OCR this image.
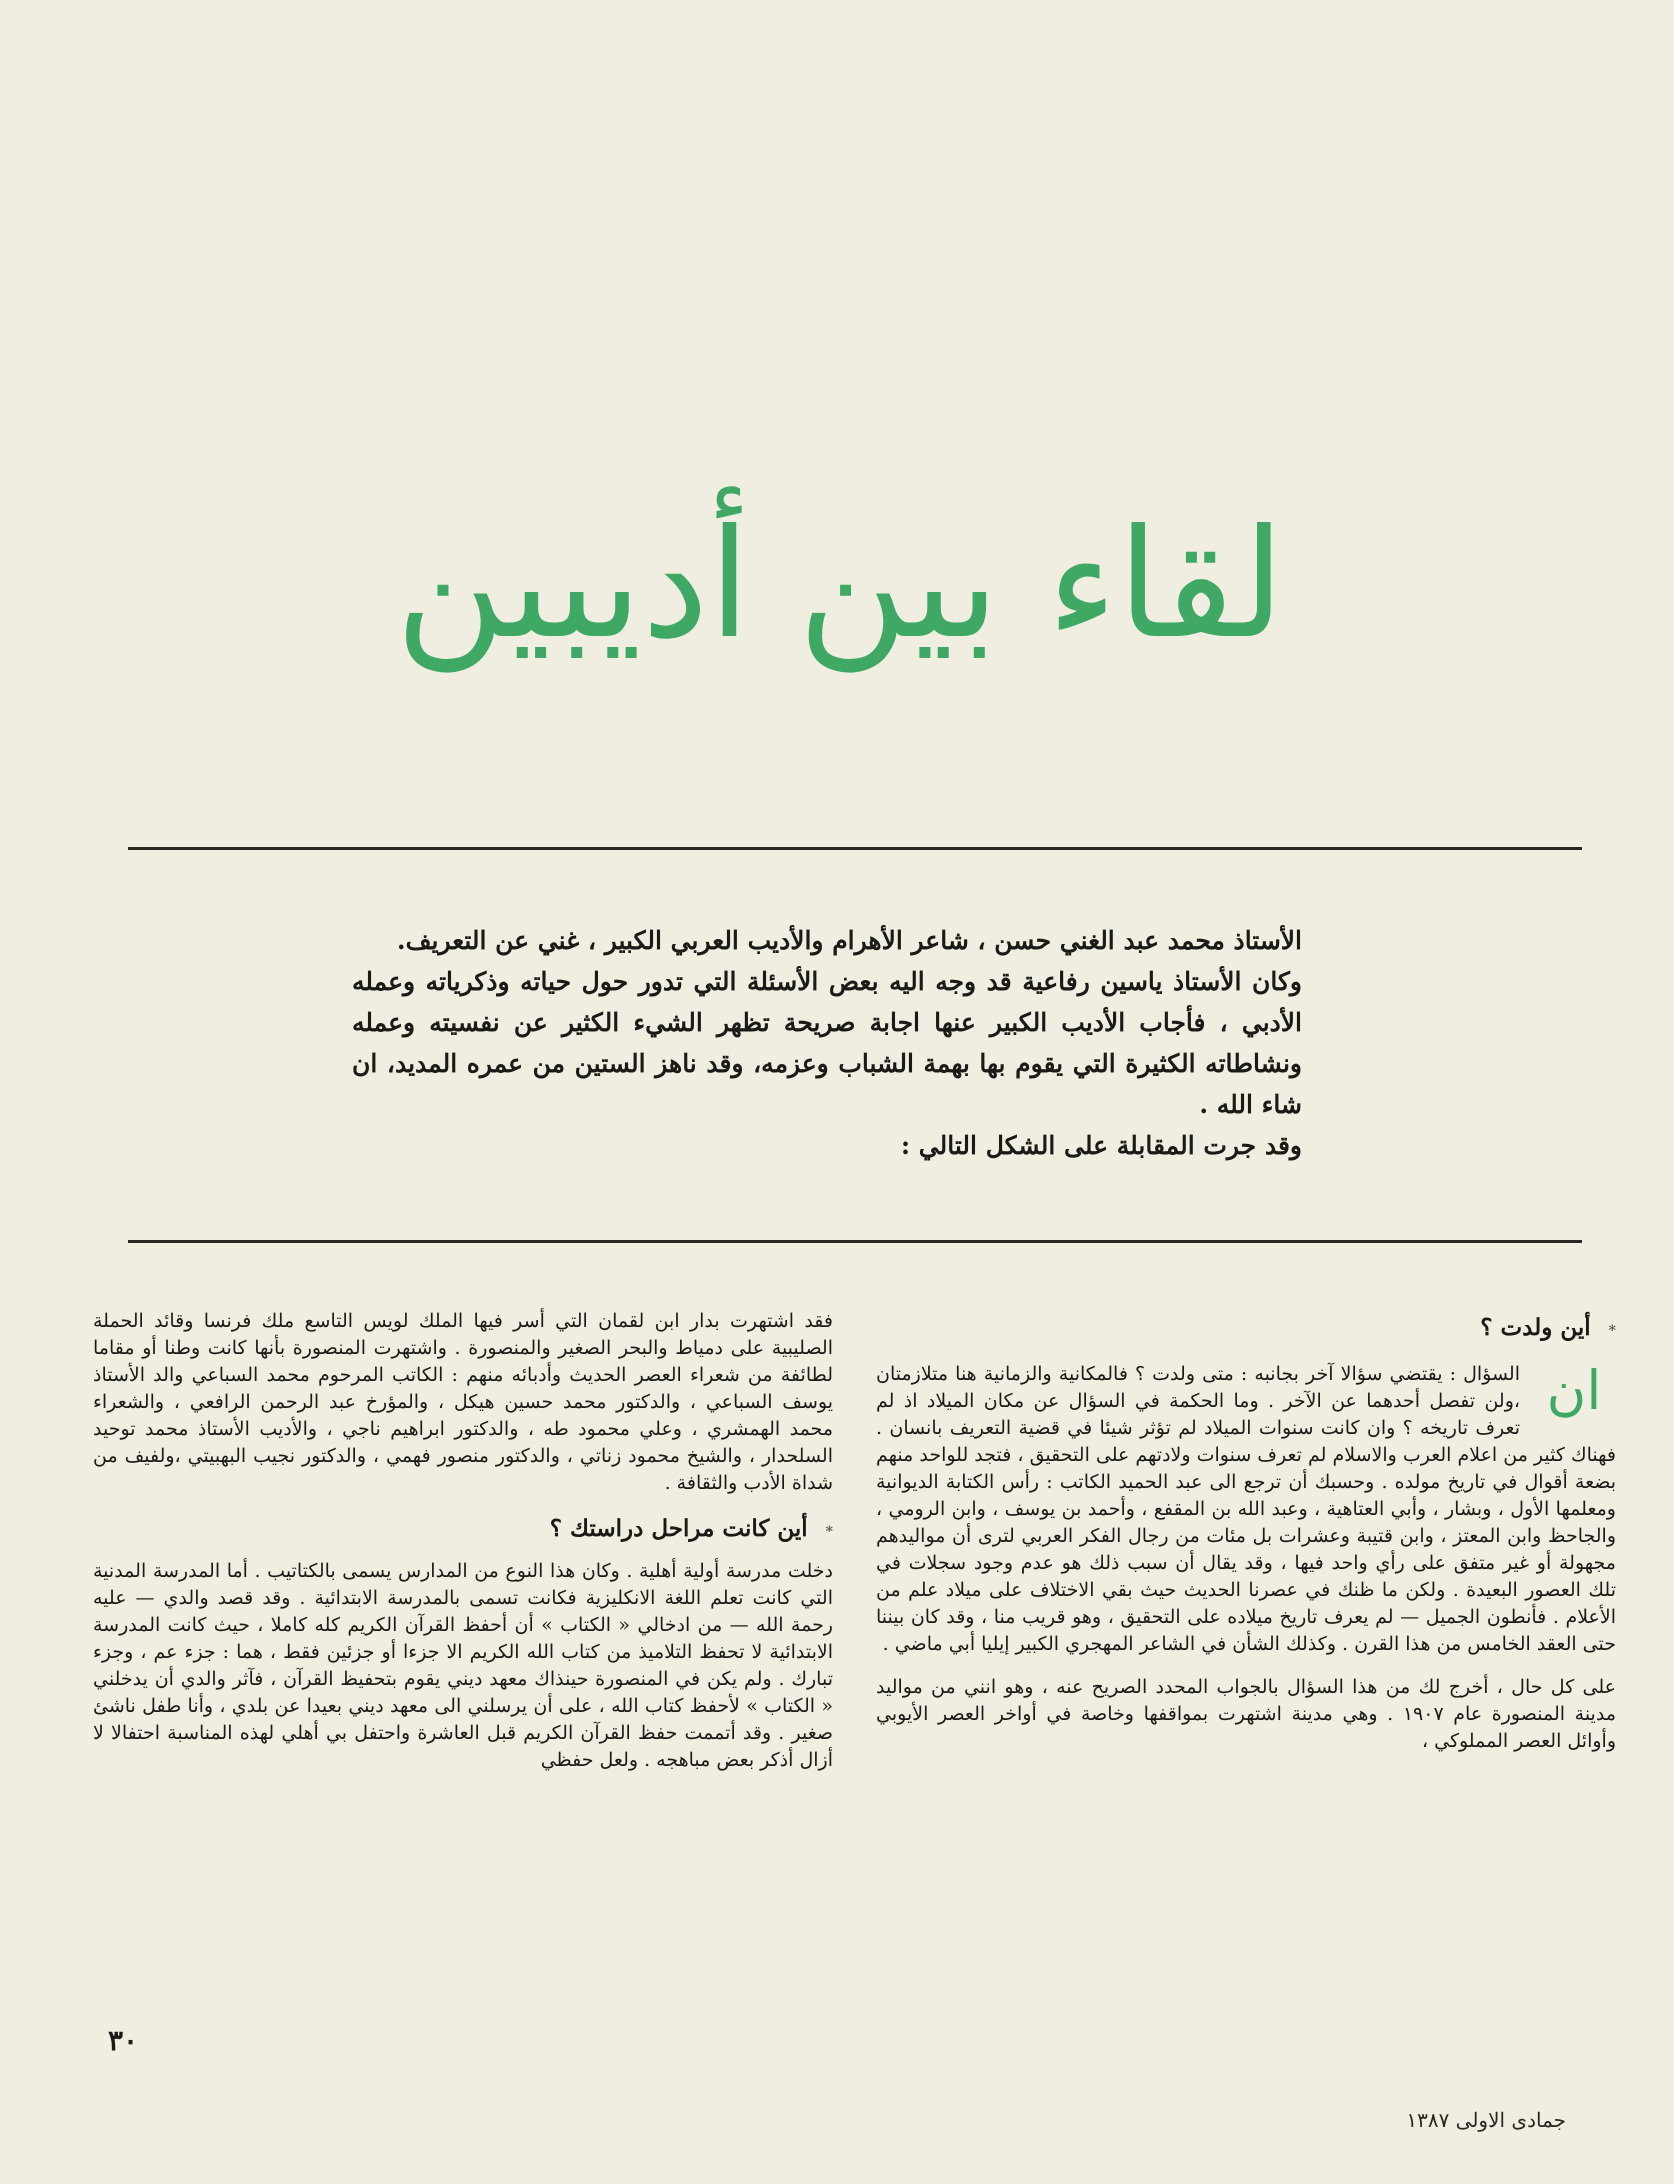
لقاء بين أديبين

الأستاذ محمد عبد الغني حسن ، شاعر الأهرام والأديب العربي الكبير ، غني عن التعريف.

وكان الأستاذ ياسين رفاعية قد وجه اليه بعض الأسئلة التي تدور حول حياته وذكرياته وعمله الأدبي ، فأجاب الأديب الكبير عنها اجابة صريحة تظهر الشيء الكثير عن نفسيته وعمله ونشاطاته الكثيرة التي يقوم بها بهمة الشباب وعزمه، وقد ناهز الستين من عمره المديد، ان شاء الله .

وقد جرت المقابلة على الشكل التالي :

* أين ولدت ؟

ان
السؤال : يقتضي سؤالا آخر بجانبه : متى ولدت ؟ فالمكانية والزمانية هنا متلازمتان ،ولن تفصل أحدهما عن الآخر . وما الحكمة في السؤال عن مكان الميلاد اذ لم تعرف تاريخه ؟ وان كانت سنوات الميلاد لم تؤثر شيئا في قضية التعريف بانسان . فهناك كثير من اعلام العرب والاسلام لم تعرف سنوات ولادتهم على التحقيق ، فتجد للواحد منهم بضعة أقوال في تاريخ مولده . وحسبك أن ترجع الى عبد الحميد الكاتب : رأس الكتابة الديوانية ومعلمها الأول ، وبشار ، وأبي العتاهية ، وعبد الله بن المقفع ، وأحمد بن يوسف ، وابن الرومي ، والجاحظ وابن المعتز ، وابن قتيبة وعشرات بل مئات من رجال الفكر العربي لترى أن مواليدهم مجهولة أو غير متفق على رأي واحد فيها ، وقد يقال أن سبب ذلك هو عدم وجود سجلات في تلك العصور البعيدة . ولكن ما ظنك في عصرنا الحديث حيث بقي الاختلاف على ميلاد علم من الأعلام . فأنطون الجميل — لم يعرف تاريخ ميلاده على التحقيق ، وهو قريب منا ، وقد كان بيننا حتى العقد الخامس من هذا القرن . وكذلك الشأن في الشاعر المهجري الكبير إيليا أبي ماضي .

على كل حال ، أخرج لك من هذا السؤال بالجواب المحدد الصريح عنه ، وهو انني من مواليد مدينة المنصورة عام ١٩٠٧ . وهي مدينة اشتهرت بمواقفها وخاصة في أواخر العصر الأيوبي وأوائل العصر المملوكي ،

فقد اشتهرت بدار ابن لقمان التي أسر فيها الملك لويس التاسع ملك فرنسا وقائد الحملة الصليبية على دمياط والبحر الصغير والمنصورة . واشتهرت المنصورة بأنها كانت وطنا أو مقاما لطائفة من شعراء العصر الحديث وأدبائه منهم : الكاتب المرحوم محمد السباعي والد الأستاذ يوسف السباعي ، والدكتور محمد حسين هيكل ، والمؤرخ عبد الرحمن الرافعي ، والشعراء محمد الهمشري ، وعلي محمود طه ، والدكتور ابراهيم ناجي ، والأديب الأستاذ محمد توحيد السلحدار ، والشيخ محمود زناتي ، والدكتور منصور فهمي ، والدكتور نجيب البهبيتي ،ولفيف من شداة الأدب والثقافة .

* أين كانت مراحل دراستك ؟

دخلت مدرسة أولية أهلية . وكان هذا النوع من المدارس يسمى بالكتاتيب . أما المدرسة المدنية التي كانت تعلم اللغة الانكليزية فكانت تسمى بالمدرسة الابتدائية . وقد قصد والدي — عليه رحمة الله — من ادخالي « الكتاب » أن أحفظ القرآن الكريم كله كاملا ، حيث كانت المدرسة الابتدائية لا تحفظ التلاميذ من كتاب الله الكريم الا جزءا أو جزئين فقط ، هما : جزء عم ، وجزء تبارك . ولم يكن في المنصورة حينذاك معهد ديني يقوم بتحفيظ القرآن ، فآثر والدي أن يدخلني « الكتاب » لأحفظ كتاب الله ، على أن يرسلني الى معهد ديني بعيدا عن بلدي ، وأنا طفل ناشئ صغير . وقد أتممت حفظ القرآن الكريم قبل العاشرة واحتفل بي أهلي لهذه المناسبة احتفالا لا أزال أذكر بعض مباهجه . ولعل حفظي

٣٠
جمادى الاولى ١٣٨٧
